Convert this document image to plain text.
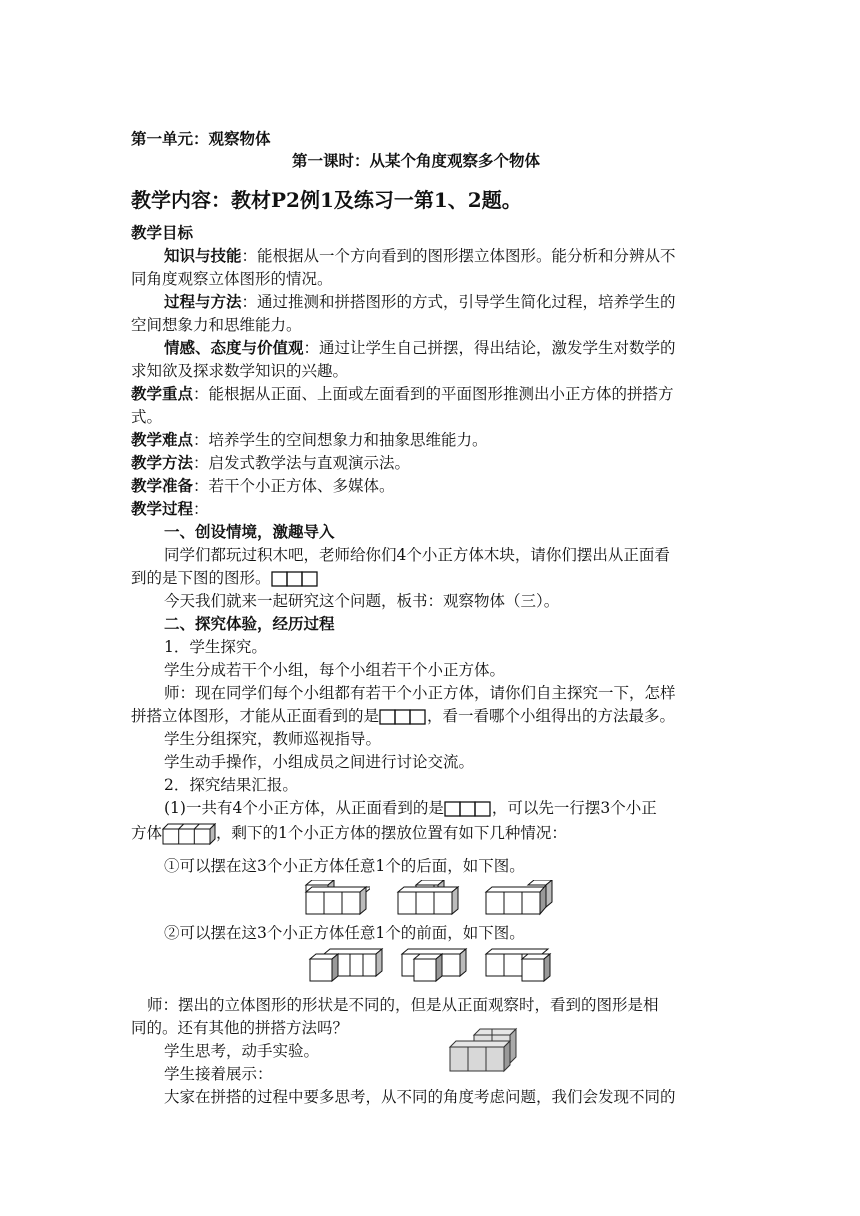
第一单元：观察物体
第一课时：从某个角度观察多个物体
教学内容：教材P2例1及练习一第1、2题。
教学目标
知识与技能：能根据从一个方向看到的图形摆立体图形。能分析和分辨从不
同角度观察立体图形的情况。
过程与方法：通过推测和拼搭图形的方式，引导学生简化过程，培养学生的
空间想象力和思维能力。
情感、态度与价值观：通过让学生自己拼摆，得出结论，激发学生对数学的
求知欲及探求数学知识的兴趣。
教学重点：能根据从正面、上面或左面看到的平面图形推测出小正方体的拼搭方
式。
教学难点：培养学生的空间想象力和抽象思维能力。
教学方法：启发式教学法与直观演示法。
教学准备：若干个小正方体、多媒体。
教学过程：
一、创设情境，激趣导入
同学们都玩过积木吧，老师给你们4个小正方体木块，请你们摆出从正面看
到的是下图的图形。
今天我们就来一起研究这个问题，板书：观察物体（三）。
二、探究体验，经历过程
1．学生探究。
学生分成若干个小组，每个小组若干个小正方体。
师：现在同学们每个小组都有若干个小正方体，请你们自主探究一下，怎样
拼搭立体图形，才能从正面看到的是	，看一看哪个小组得出的方法最多。
学生分组探究，教师巡视指导。
学生动手操作，小组成员之间进行讨论交流。
2．探究结果汇报。
(1)一共有4个小正方体，从正面看到的是	，可以先一行摆3个小正
方体	，剩下的1个小正方体的摆放位置有如下几种情况：
①可以摆在这3个小正方体任意1个的后面，如下图。
②可以摆在这3个小正方体任意1个的前面，如下图。
师：摆出的立体图形的形状是不同的，但是从正面观察时，看到的图形是相
同的。还有其他的拼搭方法吗？
学生思考，动手实验。
学生接着展示：
大家在拼搭的过程中要多思考，从不同的角度考虑问题，我们会发现不同的
